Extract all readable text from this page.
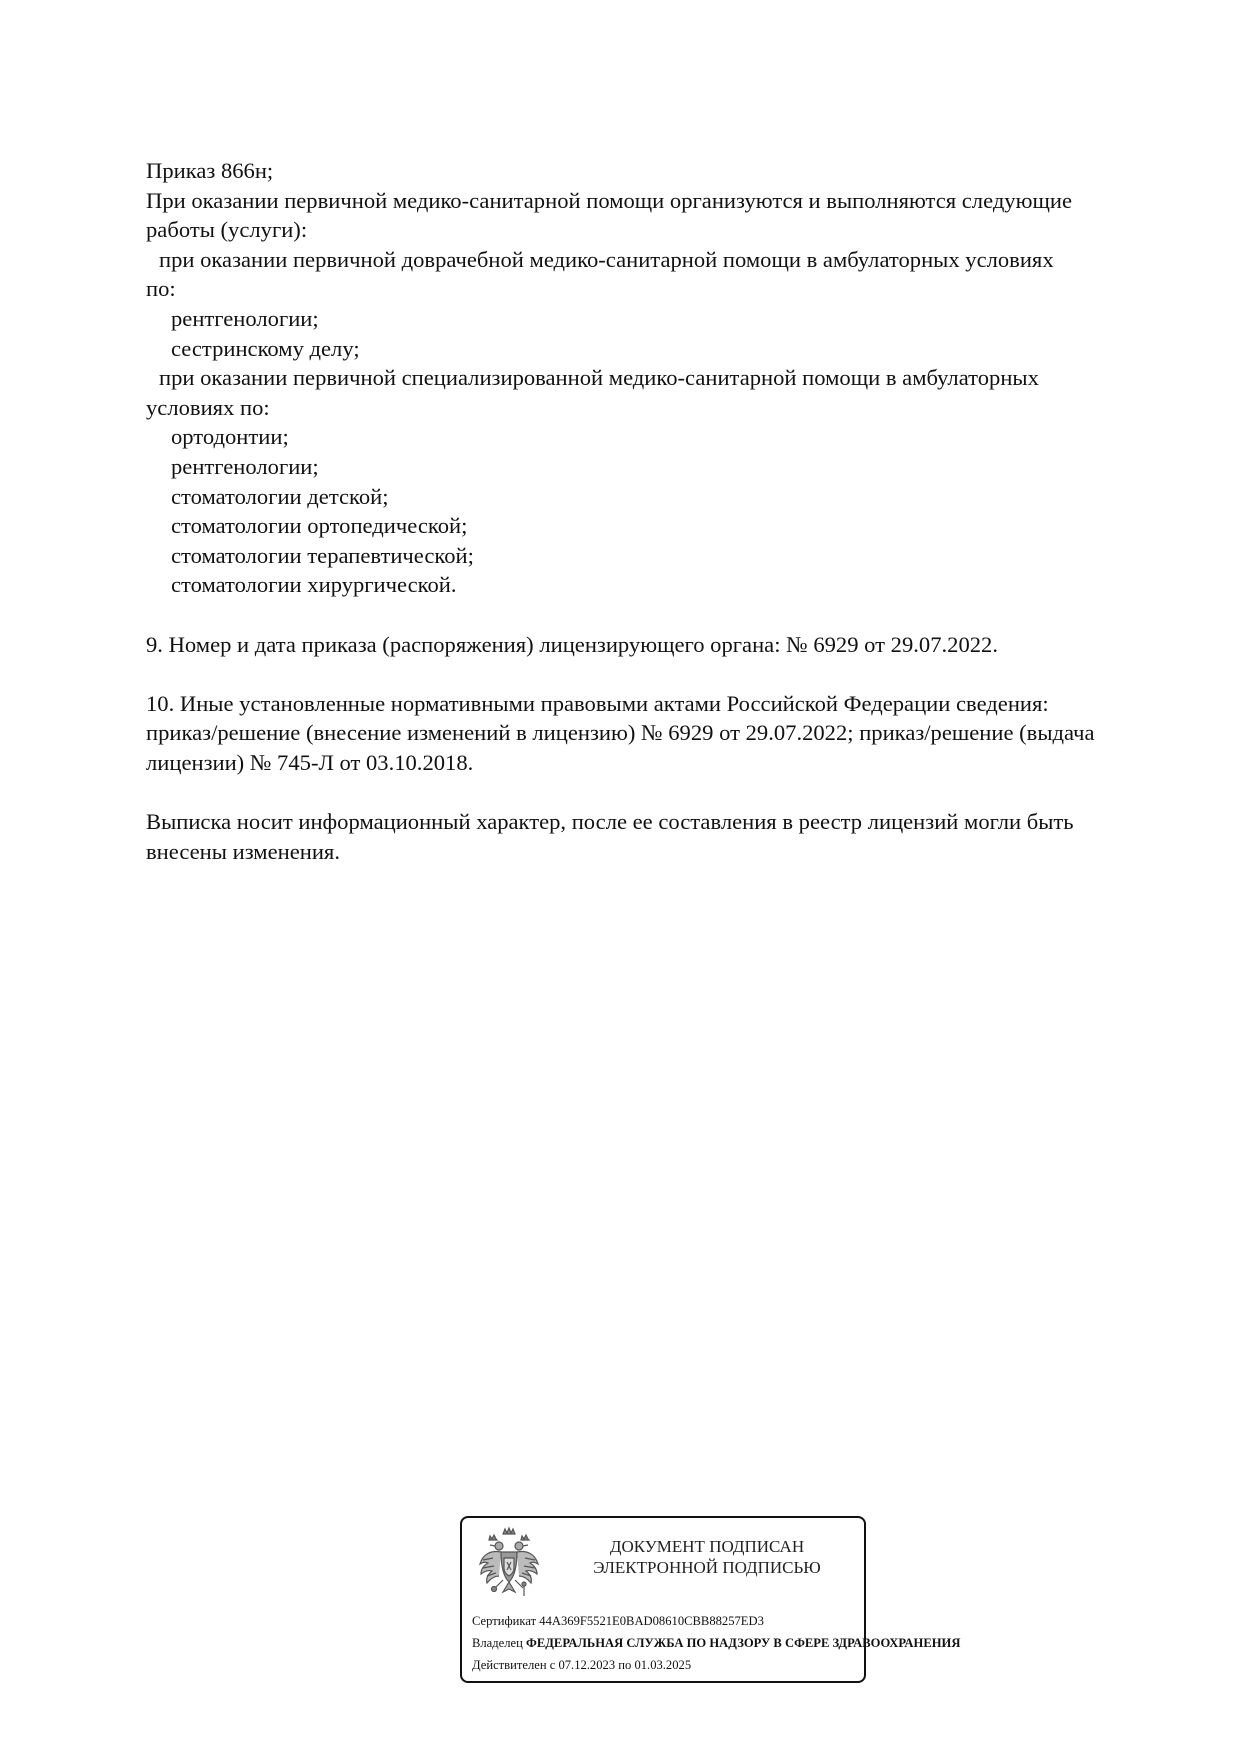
Приказ 866н;
При оказании первичной медико-санитарной помощи организуются и выполняются следующие
работы (услуги):
при оказании первичной доврачебной медико-санитарной помощи в амбулаторных условиях
по:
рентгенологии;
сестринскому делу;
при оказании первичной специализированной медико-санитарной помощи в амбулаторных
условиях по:
ортодонтии;
рентгенологии;
стоматологии детской;
стоматологии ортопедической;
стоматологии терапевтической;
стоматологии хирургической.
9. Номер и дата приказа (распоряжения) лицензирующего органа: № 6929 от 29.07.2022.
10. Иные установленные нормативными правовыми актами Российской Федерации сведения:
приказ/решение (внесение изменений в лицензию) № 6929 от 29.07.2022; приказ/решение (выдача
лицензии) № 745-Л от 03.10.2018.
Выписка носит информационный характер, после ее составления в реестр лицензий могли быть
внесены изменения.
ДОКУМЕНТ ПОДПИСАН
ЭЛЕКТРОННОЙ ПОДПИСЬЮ
Сертификат 44A369F5521E0BAD08610CBB88257ED3
Владелец ФЕДЕРАЛЬНАЯ СЛУЖБА ПО НАДЗОРУ В СФЕРЕ ЗДРАВООХРАНЕНИЯ
Действителен с 07.12.2023 по 01.03.2025
